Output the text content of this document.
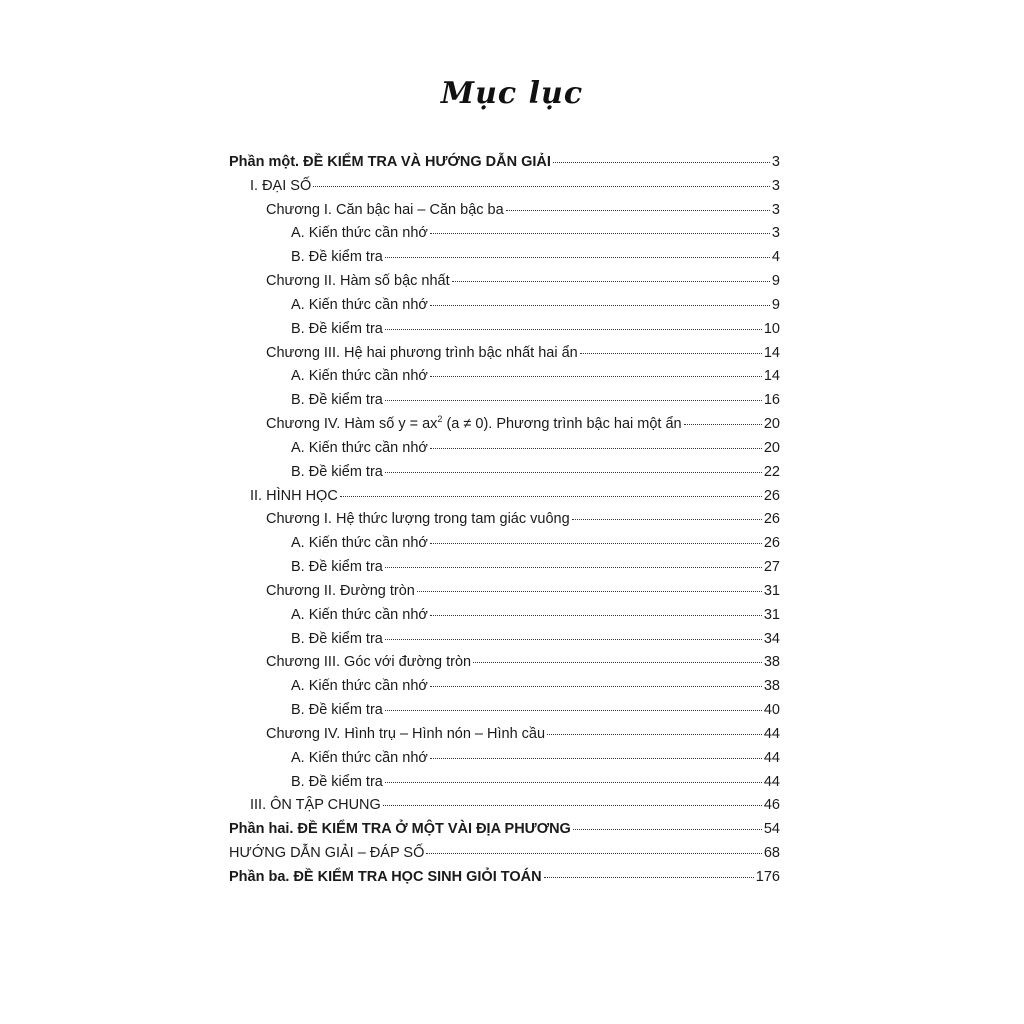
Mục lục
Phần một. ĐỀ KIỂM TRA VÀ HƯỚNG DẪN GIẢI	3
I. ĐẠI SỐ	3
Chương I. Căn bậc hai – Căn bậc ba	3
A. Kiến thức cần nhớ	3
B. Đề kiểm tra	4
Chương II. Hàm số bậc nhất	9
A. Kiến thức cần nhớ	9
B. Đề kiểm tra	10
Chương III. Hệ hai phương trình bậc nhất hai ẩn	14
A. Kiến thức cần nhớ	14
B. Đề kiểm tra	16
Chương IV. Hàm số $y = ax^2$ (a ≠ 0). Phương trình bậc hai một ẩn	20
A. Kiến thức cần nhớ	20
B. Đề kiểm tra	22
II. HÌNH HỌC	26
Chương I. Hệ thức lượng trong tam giác vuông	26
A. Kiến thức cần nhớ	26
B. Đề kiểm tra	27
Chương II. Đường tròn	31
A. Kiến thức cần nhớ	31
B. Đề kiểm tra	34
Chương III. Góc với đường tròn	38
A. Kiến thức cần nhớ	38
B. Đề kiểm tra	40
Chương IV. Hình trụ – Hình nón – Hình cầu	44
A. Kiến thức cần nhớ	44
B. Đề kiểm tra	44
III. ÔN TẬP CHUNG	46
Phần hai. ĐỀ KIỂM TRA Ở MỘT VÀI ĐỊA PHƯƠNG	54
HƯỚNG DẪN GIẢI – ĐÁP SỐ	68
Phần ba. ĐỀ KIỂM TRA HỌC SINH GIỎI TOÁN	176
